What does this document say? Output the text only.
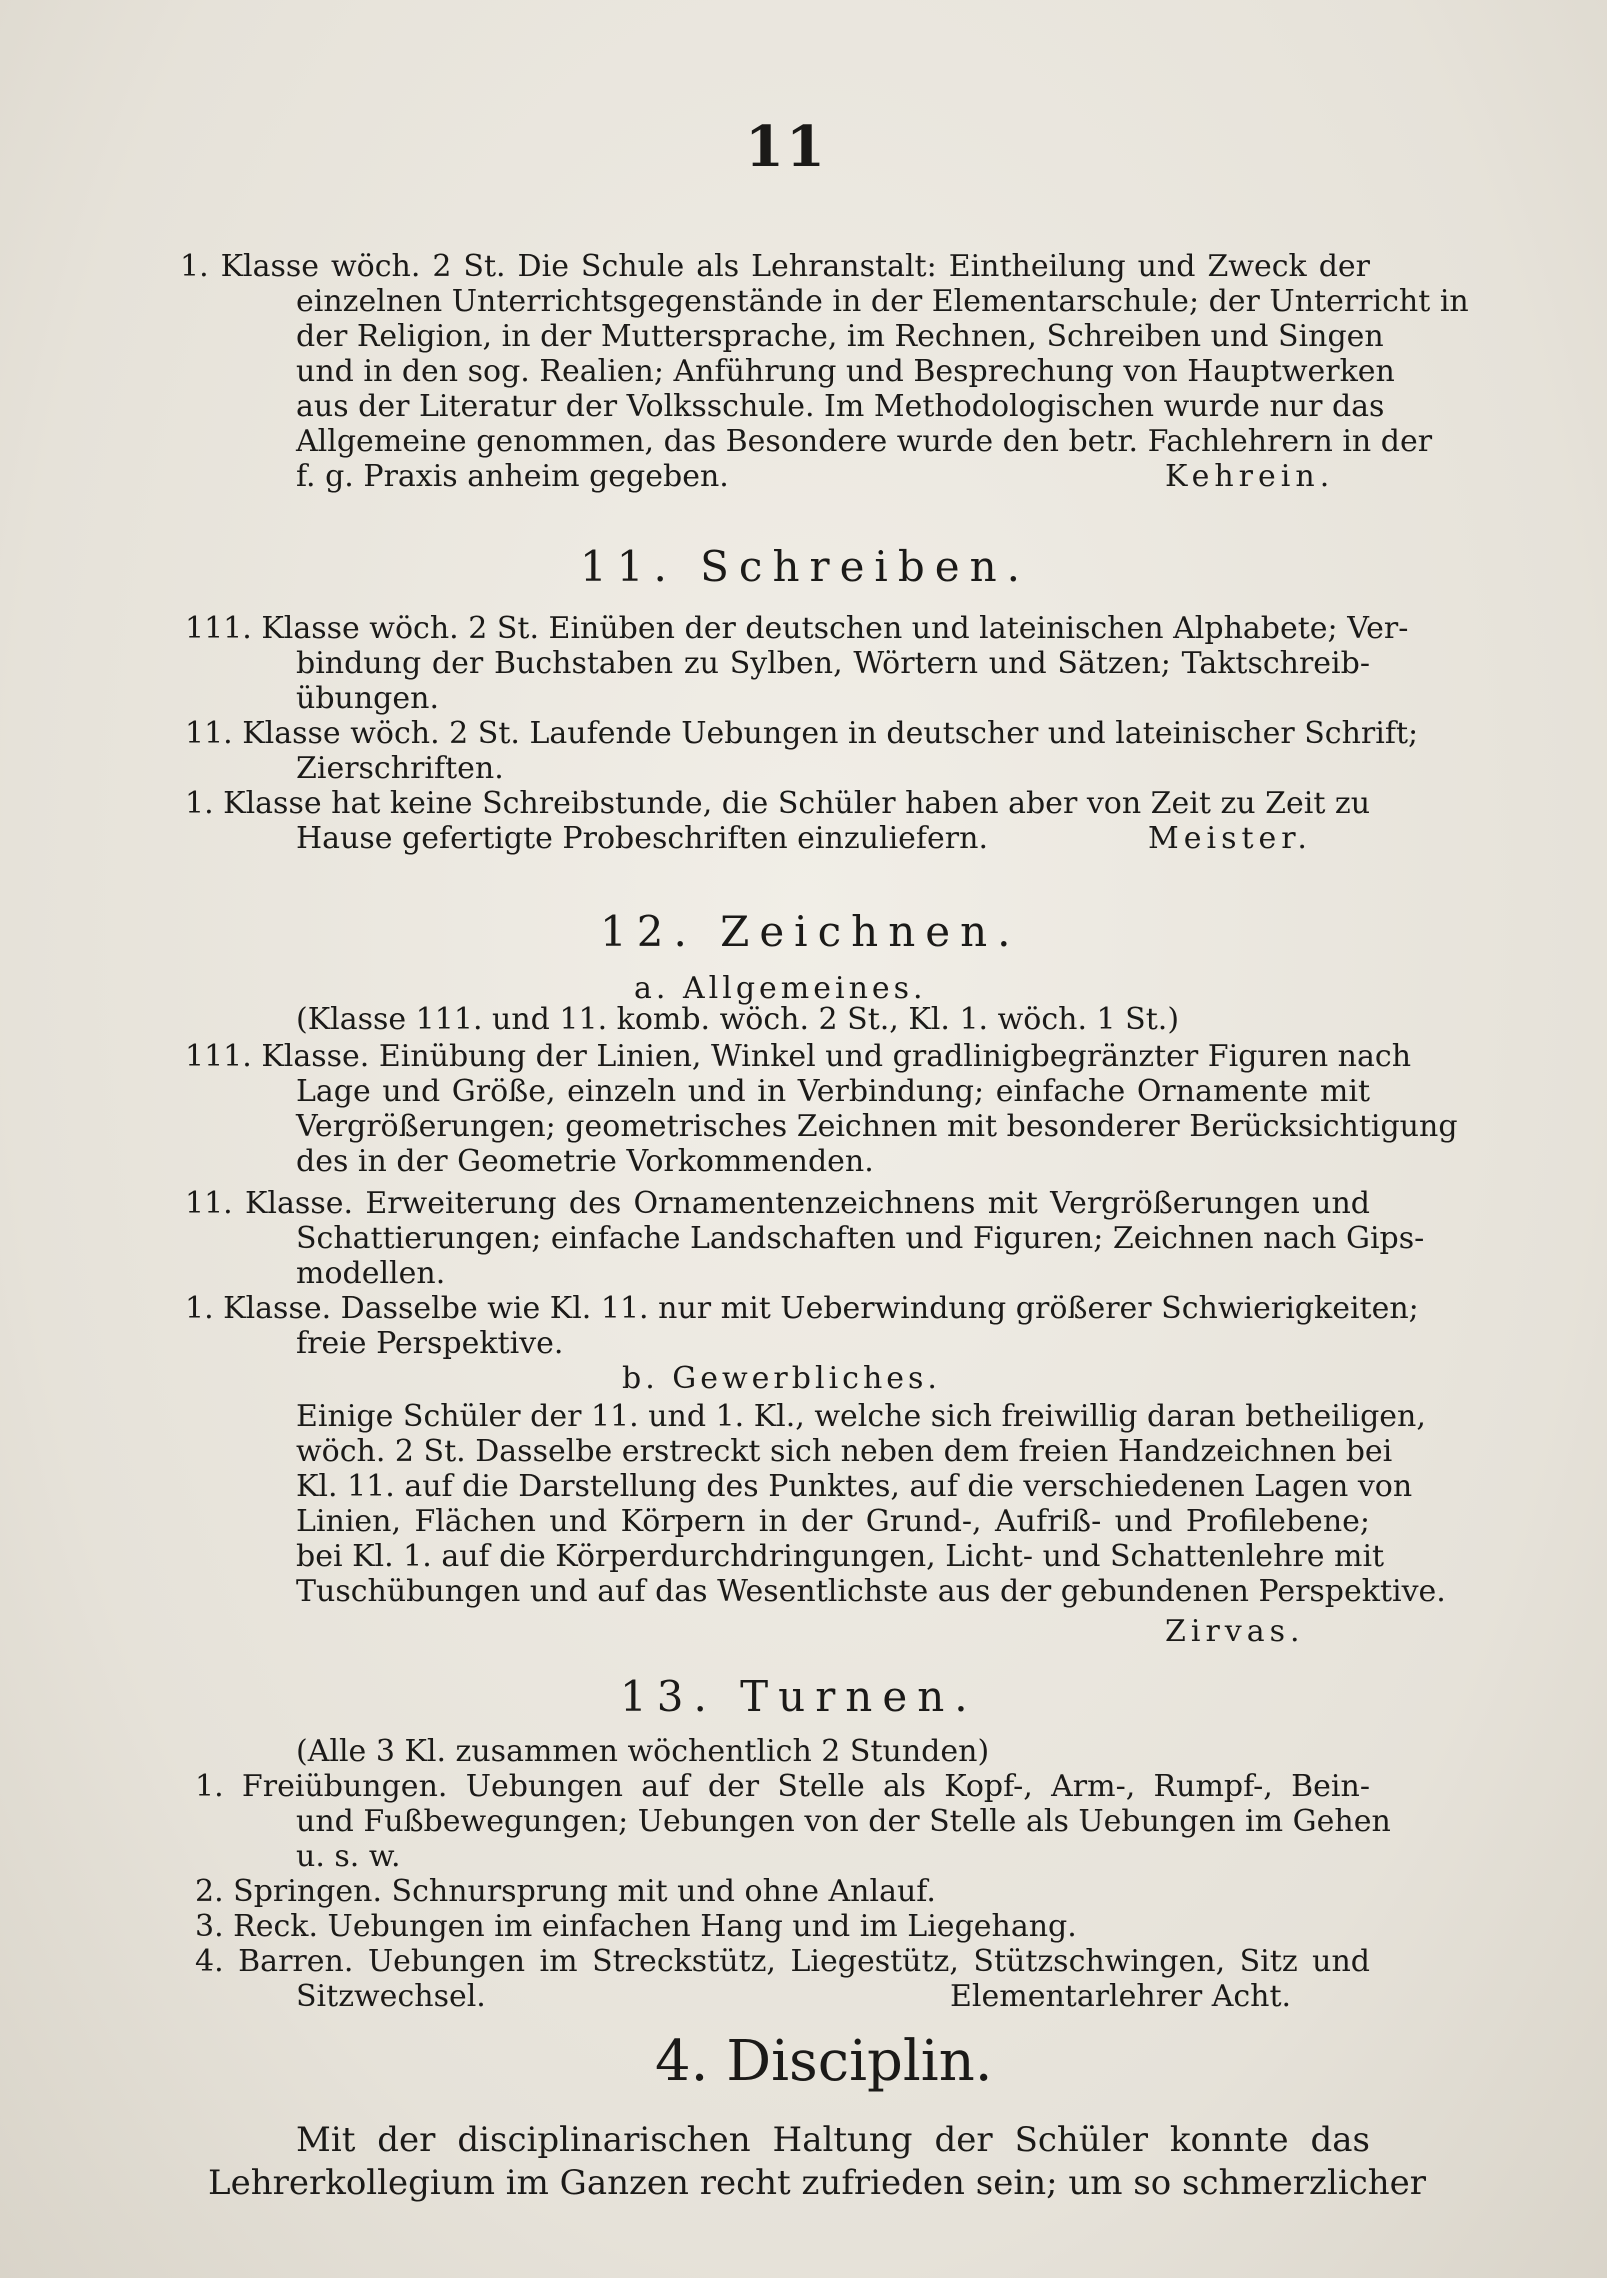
11
1. Klasse wöch. 2 St. Die Schule als Lehranstalt: Eintheilung und Zweck der
einzelnen Unterrichtsgegenstände in der Elementarschule; der Unterricht in
der Religion, in der Muttersprache, im Rechnen, Schreiben und Singen
und in den sog. Realien; Anführung und Besprechung von Hauptwerken
aus der Literatur der Volksschule. Im Methodologischen wurde nur das
Allgemeine genommen, das Besondere wurde den betr. Fachlehrern in der
f. g. Praxis anheim gegeben.	Kehrein.
11. Schreiben.
111. Klasse wöch. 2 St. Einüben der deutschen und lateinischen Alphabete; Ver-
bindung der Buchstaben zu Sylben, Wörtern und Sätzen; Taktschreib-
übungen.
11. Klasse wöch. 2 St. Laufende Uebungen in deutscher und lateinischer Schrift;
Zierschriften.
1. Klasse hat keine Schreibstunde, die Schüler haben aber von Zeit zu Zeit zu
Hause gefertigte Probeschriften einzuliefern.	Meister.
12. Zeichnen.
a. Allgemeines.
(Klasse 111. und 11. komb. wöch. 2 St., Kl. 1. wöch. 1 St.)
111. Klasse. Einübung der Linien, Winkel und gradlinigbegränzter Figuren nach
Lage und Größe, einzeln und in Verbindung; einfache Ornamente mit
Vergrößerungen; geometrisches Zeichnen mit besonderer Berücksichtigung
des in der Geometrie Vorkommenden.
11. Klasse. Erweiterung des Ornamentenzeichnens mit Vergrößerungen und
Schattierungen; einfache Landschaften und Figuren; Zeichnen nach Gips-
modellen.
1. Klasse. Dasselbe wie Kl. 11. nur mit Ueberwindung größerer Schwierigkeiten;
freie Perspektive.
b. Gewerbliches.
Einige Schüler der 11. und 1. Kl., welche sich freiwillig daran betheiligen,
wöch. 2 St. Dasselbe erstreckt sich neben dem freien Handzeichnen bei
Kl. 11. auf die Darstellung des Punktes, auf die verschiedenen Lagen von
Linien, Flächen und Körpern in der Grund-, Aufriß- und Profilebene;
bei Kl. 1. auf die Körperdurchdringungen, Licht- und Schattenlehre mit
Tuschübungen und auf das Wesentlichste aus der gebundenen Perspektive.
Zirvas.
13. Turnen.
(Alle 3 Kl. zusammen wöchentlich 2 Stunden)
1. Freiübungen. Uebungen auf der Stelle als Kopf-, Arm-, Rumpf-, Bein-
und Fußbewegungen; Uebungen von der Stelle als Uebungen im Gehen
u. s. w.
2. Springen. Schnursprung mit und ohne Anlauf.
3. Reck. Uebungen im einfachen Hang und im Liegehang.
4. Barren. Uebungen im Streckstütz, Liegestütz, Stützschwingen, Sitz und
Sitzwechsel.	Elementarlehrer Acht.
4. Disciplin.
Mit der disciplinarischen Haltung der Schüler konnte das
Lehrerkollegium im Ganzen recht zufrieden sein; um so schmerzlicher
